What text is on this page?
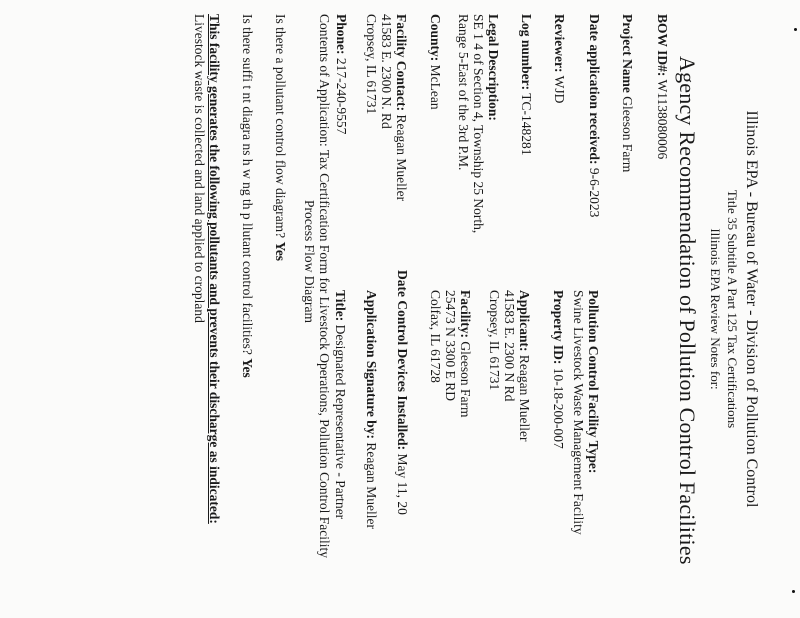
Illinois EPA - Bureau of Water - Division of Pollution Control
Title 35 Subtitle A Part 125 Tax Certifications
Illinois EPA Review Notes for:
Agency Recommendation of Pollution Control Facilities
BOW ID#: W1138080006
Project Name Gleeson Farm
Date application received: 9-6-2023
Reviewer: WJD
Log number: TC-148281
Legal Description:
SE 1 4 of Section 4, Township 25 North,
Range 5-East of the 3rd P.M.
County: McLean
Facility Contact: Reagan Mueller
41583 E. 2300 N. Rd
Cropsey, IL 61731
Phone: 217-240-9557
Pollution Control Facility Type:
Swine Livestock Waste Management Facility
Property ID: 10-18-200-007
Applicant: Reagan Mueller
41583 E. 2300 N Rd
Cropsey, IL 61731
Facility: Gleeson Farm
25473 N 3300 E RD
Colfax, IL 61728
Date Control Devices Installed: May 11, 20
Application Signature by: Reagan Mueller
Title: Designated Representative - Partner
Contents of Application: Tax Certification Form for Livestock Operations, Pollution Control Facility
Process Flow Diagram
Is there a pollutant control flow diagram? Yes
Is there suffi t nt diagra ns h w ng th p llutant control facilities? Yes
This facility generates the following pollutants and prevents their discharge as indicated:
Livestock waste is collected and land applied to cropland
